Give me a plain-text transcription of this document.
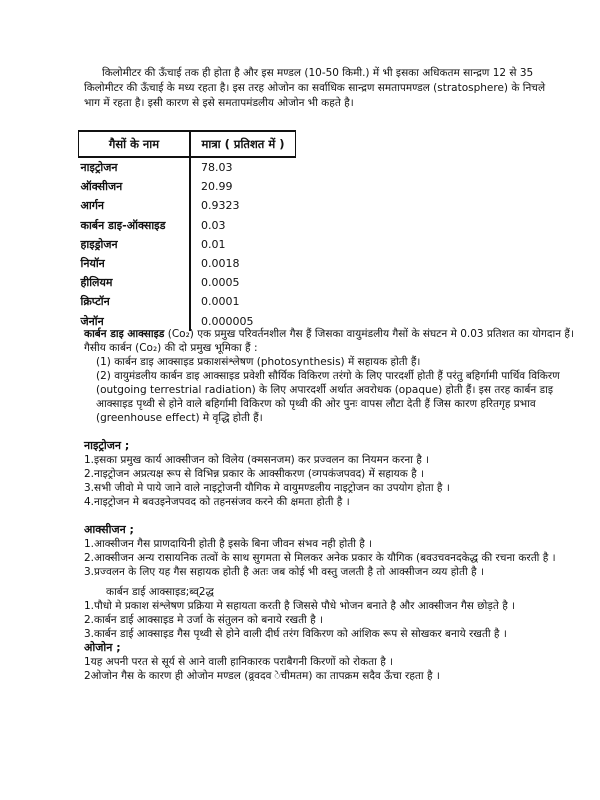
किलोमीटर की ऊँचाई तक ही होता है और इस मण्डल (10-50 किमी.) में भी इसका अधिकतम सान्द्रण 12 से 35 किलोमीटर की ऊँचाई के मध्य रहता है। इस तरह ओजोन का सर्वाधिक सान्द्रण समतापमण्डल (stratosphere) के निचले भाग में रहता है। इसी कारण से इसे समतापमंडलीय ओजोन भी कहते है।
गैसों के नाम	मात्रा ( प्रतिशत में )
नाइट्रोजन	78.03
ऑक्सीजन	20.99
आर्गन	0.9323
कार्बन डाइ-ऑक्साइड	0.03
हाइड्रोजन	0.01
नियॉन	0.0018
हीलियम	0.0005
क्रिप्टॉन	0.0001
जेनॉन	0.000005
कार्बन डाइ आक्साइड (Co₂) एक प्रमुख परिवर्तनशील गैस हैं जिसका वायुमंडलीय गैसों के संघटन मे 0.03 प्रतिशत का योगदान हैं। गैसीय कार्बन (Co₂) की दो प्रमुख भूमिका हैं :
(1) कार्बन डाइ आक्साइड प्रकाशसंश्लेषण (photosynthesis) में सहायक होती हैं।
(2) वायुमंडलीय कार्बन डाइ आक्साइड प्रवेशी सौर्यिक विकिरण तरंगो के लिए पारदर्शी होती हैं परंतु बहिर्गामी पार्थिव विकिरण (outgoing terrestrial radiation) के लिए अपारदर्शी अर्थात अवरोधक (opaque) होती हैं। इस तरह कार्बन डाइ आक्साइड पृथ्वी से होने वाले बहिर्गामी विकिरण को पृथ्वी की ओर पुनः वापस लौटा देती हैं जिस कारण हरितगृह प्रभाव (greenhouse effect) मे वृद्धि होती हैं।
नाइट्रोजन ;
1.इसका प्रमुख कार्य आक्सीजन को विलेय (क्मसनजम) कर प्रज्वलन का नियमन करना है ।
2.नाइट्रोजन अप्रत्यक्ष रूप से विभिन्न प्रकार के आक्सीकरण (व्गपकंजपवद) में सहायक है ।
3.सभी जीवो मे पाये जाने वाले नाइट्रोजनी यौगिक मे वायुमण्डलीय नाइट्रोजन का उपयोग होता है ।
4.नाइट्रोजन मे बवउइनेजपवद को तहनसंजव करने की क्षमता होती है ।
आक्सीजन ;
1.आक्सीजन गैस प्राणदायिनी होती है इसके बिना जीवन संभव नही होती है ।
2.आक्सीजन अन्य रासायनिक तत्वों के साथ सुगमता से मिलकर अनेक प्रकार के यौगिक (बवउचवनदकेद्ध की रचना करती है ।
3.प्रज्वलन के लिए यह गैस सहायक होती है अतः जब कोई भी वस्तु जलती है तो आक्सीजन व्यय होती है ।
कार्बन डाई आक्साइड;ब्व्2द्ध
1.पौधो मे प्रकाश संश्लेषण प्रक्रिया मे सहायता करती है जिससे पौधे भोजन बनाते है और आक्सीजन गैस छोड़ते है ।
2.कार्बन डाई आक्साइड मे उर्जा के संतुलन को बनाये रखती है ।
3.कार्बन डाई आक्साइड गैस पृथ्वी से होने वाली दीर्घ तरंग विकिरण को आंशिक रूप से सोखकर बनाये रखती है ।
ओजोन ;
1यह अपनी परत से सूर्य से आने वाली हानिकारक पराबैगनी किरणों को रोकता है ।
2ओजोन गैस के कारण ही ओजोन मण्डल (व्र्रवदव ेचीमतम) का तापक्रम सदैव ऊँचा रहता है ।
